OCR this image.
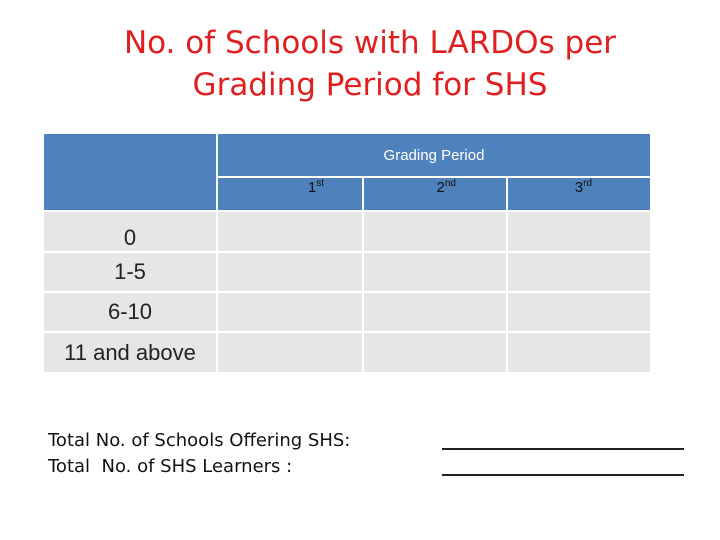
No. of Schools with LARDOs per
Grading Period for SHS
	Grading Period		
	1st	2nd	3rd
0			
1-5			
6-10			
11 and above			
Total No. of Schools Offering SHS:
Total  No. of SHS Learners :
